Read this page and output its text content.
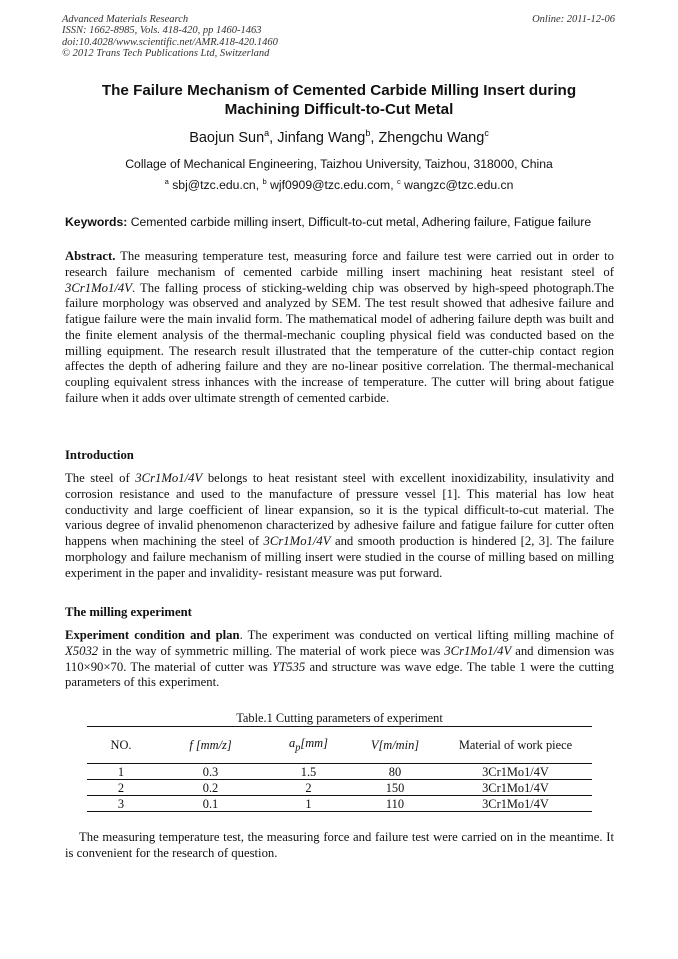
Advanced Materials Research
ISSN: 1662-8985, Vols. 418-420, pp 1460-1463
doi:10.4028/www.scientific.net/AMR.418-420.1460
© 2012 Trans Tech Publications Ltd, Switzerland
Online: 2011-12-06
The Failure Mechanism of Cemented Carbide Milling Insert during
Machining Difficult-to-Cut Metal
Baojun Sun$^a$, Jinfang Wang$^b$, Zhengchu Wang$^c$
Collage of Mechanical Engineering, Taizhou University, Taizhou, 318000, China
$^a$ sbj@tzc.edu.cn, $^b$ wjf0909@tzc.edu.com, $^c$ wangzc@tzc.edu.cn
Keywords: Cemented carbide milling insert, Difficult-to-cut metal, Adhering failure, Fatigue failure
Abstract. The measuring temperature test, measuring force and failure test were carried out in order to research failure mechanism of cemented carbide milling insert machining heat resistant steel of 3Cr1Mo1/4V. The falling process of sticking-welding chip was observed by high-speed photograph.The failure morphology was observed and analyzed by SEM. The test result showed that adhesive failure and fatigue failure were the main invalid form. The mathematical model of adhering failure depth was built and the finite element analysis of the thermal-mechanic coupling physical field was conducted based on the milling equipment. The research result illustrated that the temperature of the cutter-chip contact region affectes the depth of adhering failure and they are no-linear positive correlation. The thermal-mechanical coupling equivalent stress inhances with the increase of temperature. The cutter will bring about fatigue failure when it adds over ultimate strength of cemented carbide.
Introduction
The steel of 3Cr1Mo1/4V belongs to heat resistant steel with excellent inoxidizability, insulativity and corrosion resistance and used to the manufacture of pressure vessel [1]. This material has low heat conductivity and large coefficient of linear expansion, so it is the typical difficult-to-cut material. The various degree of invalid phenomenon characterized by adhesive failure and fatigue failure for cutter often happens when machining the steel of 3Cr1Mo1/4V and smooth production is hindered [2, 3]. The failure morphology and failure mechanism of milling insert were studied in the course of milling based on milling experiment in the paper and invalidity- resistant measure was put forward.
The milling experiment
Experiment condition and plan. The experiment was conducted on vertical lifting milling machine of X5032 in the way of symmetric milling. The material of work piece was 3Cr1Mo1/4V and dimension was 110×90×70. The material of cutter was YT535 and structure was wave edge. The table 1 were the cutting parameters of this experiment.
Table.1 Cutting parameters of experiment
NO.	f [mm/z]	$a_p[mm]$	V[m/min]	Material of work piece
1	0.3	1.5	80	3Cr1Mo1/4V
2	0.2	2	150	3Cr1Mo1/4V
3	0.1	1	110	3Cr1Mo1/4V
The measuring temperature test, the measuring force and failure test were carried on in the meantime. It is convenient for the research of question.
